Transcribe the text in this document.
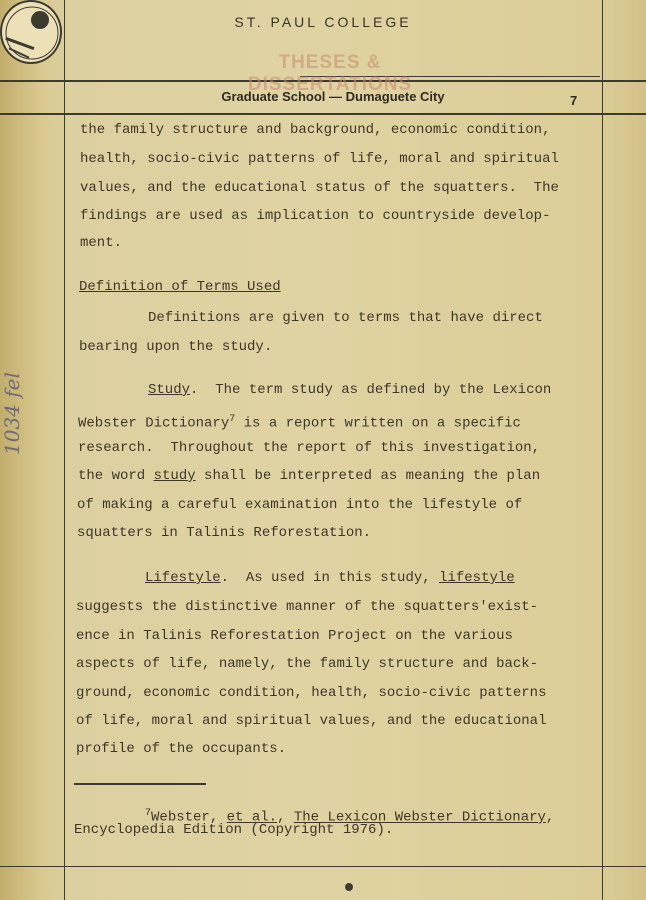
ST. PAUL COLLEGE
THESES & DISSERTATIONS
Graduate School — Dumaguete City	7
the family structure and background, economic condition,
health, socio-civic patterns of life, moral and spiritual
values, and the educational status of the squatters.  The
findings are used as implication to countryside develop-
ment.
Definition of Terms Used
Definitions are given to terms that have direct
bearing upon the study.
Study.  The term study as defined by the Lexicon
Webster Dictionary$^7$ is a report written on a specific
research.  Throughout the report of this investigation,
the word study shall be interpreted as meaning the plan
of making a careful examination into the lifestyle of
squatters in Talinis Reforestation.
Lifestyle.  As used in this study, lifestyle
suggests the distinctive manner of the squatters'exist-
ence in Talinis Reforestation Project on the various
aspects of life, namely, the family structure and back-
ground, economic condition, health, socio-civic patterns
of life, moral and spiritual values, and the educational
profile of the occupants.
$^7$Webster, et al., The Lexicon Webster Dictionary,
Encyclopedia Edition (Copyright 1976).
1034 fel
